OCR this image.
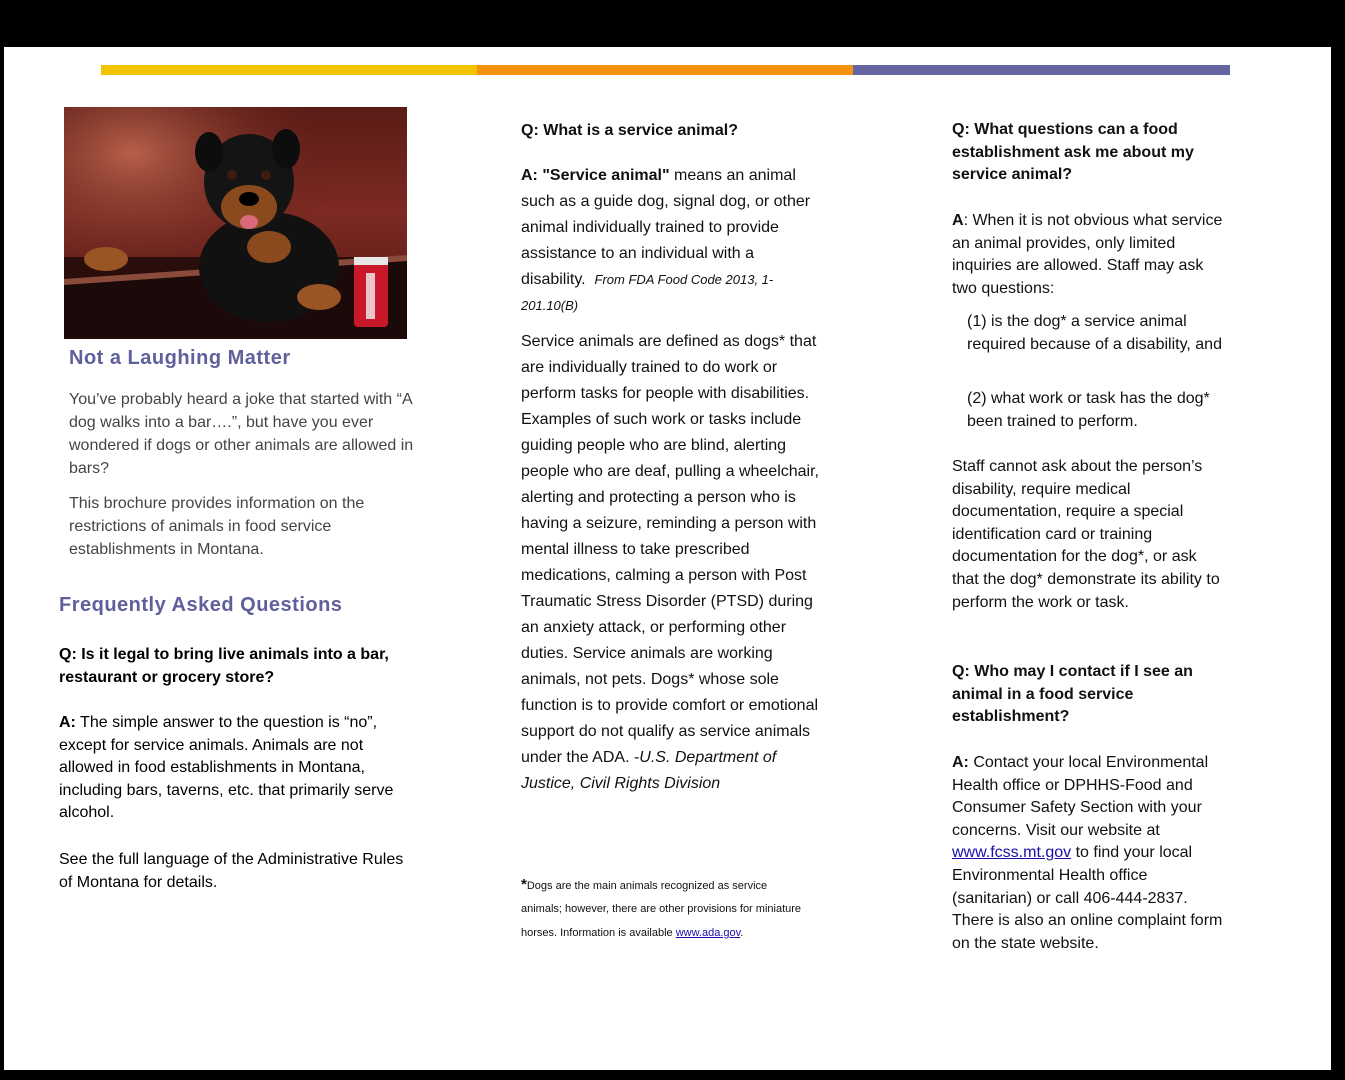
Not a Laughing Matter

You’ve probably heard a joke that started with “A dog walks into a bar….”, but have you ever wondered if dogs or other animals are allowed in bars?

This brochure provides information on the restrictions of animals in food service establishments in Montana.

Frequently Asked Questions

Q: Is it legal to bring live animals into a bar, restaurant or grocery store?

A: The simple answer to the question is “no”, except for service animals. Animals are not allowed in food establishments in Montana, including bars, taverns, etc. that primarily serve alcohol.

See the full language of the Administrative Rules of Montana for details.

Q: What is a service animal?

A: "Service animal" means an animal such as a guide dog, signal dog, or other animal individually trained to provide assistance to an individual with a disability. From FDA Food Code 2013, 1-201.10(B)

Service animals are defined as dogs* that are individually trained to do work or perform tasks for people with disabilities. Examples of such work or tasks include guiding people who are blind, alerting people who are deaf, pulling a wheelchair, alerting and protecting a person who is having a seizure, reminding a person with mental illness to take prescribed medications, calming a person with Post Traumatic Stress Disorder (PTSD) during an anxiety attack, or performing other duties. Service animals are working animals, not pets. Dogs* whose sole function is to provide comfort or emotional support do not qualify as service animals under the ADA. -U.S. Department of Justice, Civil Rights Division

*Dogs are the main animals recognized as service animals; however, there are other provisions for miniature horses. Information is available www.ada.gov.

Q: What questions can a food establishment ask me about my service animal?

A: When it is not obvious what service an animal provides, only limited inquiries are allowed. Staff may ask two questions:

(1) is the dog* a service animal required because of a disability, and

(2) what work or task has the dog* been trained to perform.

Staff cannot ask about the person’s disability, require medical documentation, require a special identification card or training documentation for the dog*, or ask that the dog* demonstrate its ability to perform the work or task.

Q: Who may I contact if I see an animal in a food service establishment?

A: Contact your local Environmental Health office or DPHHS-Food and Consumer Safety Section with your concerns. Visit our website at www.fcss.mt.gov to find your local Environmental Health office (sanitarian) or call 406-444-2837. There is also an online complaint form on the state website.
